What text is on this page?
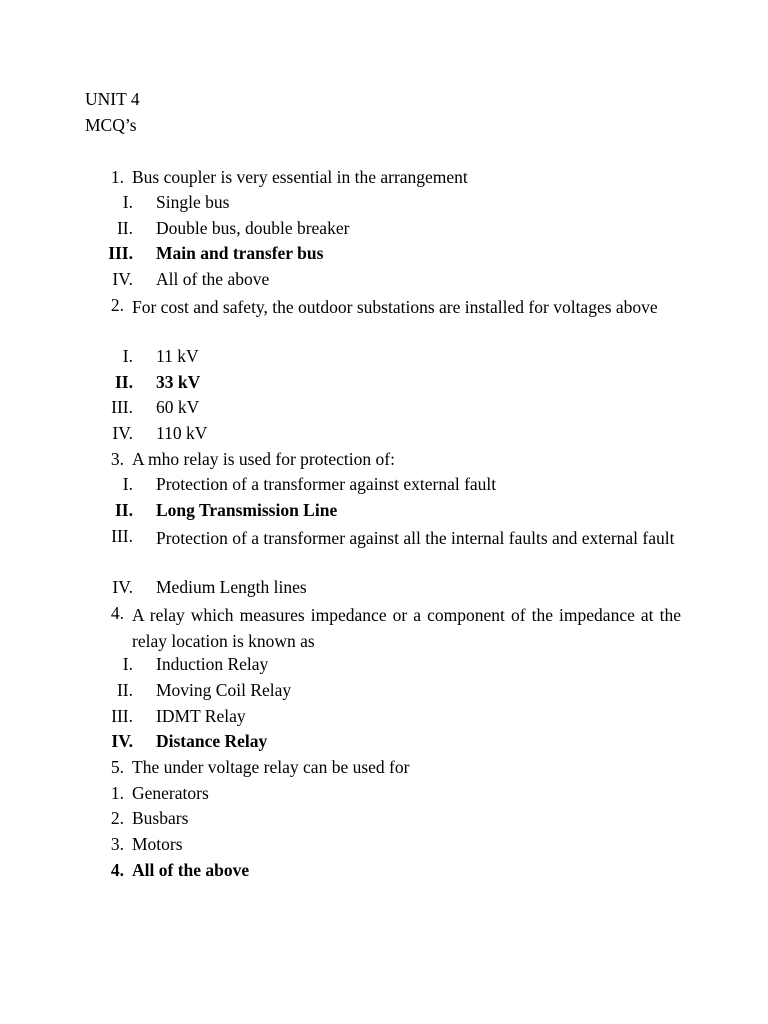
UNIT 4
MCQ’s
1. Bus coupler is very essential in the arrangement
I. Single bus
II. Double bus, double breaker
III. Main and transfer bus
IV. All of the above
2. For cost and safety, the outdoor substations are installed for voltages above
I. 11 kV
II. 33 kV
III. 60 kV
IV. 110 kV
3. A mho relay is used for protection of:
I. Protection of a transformer against external fault
II. Long Transmission Line
III. Protection of a transformer against all the internal faults and external fault
IV. Medium Length lines
4. A relay which measures impedance or a component of the impedance at the relay location is known as
I. Induction Relay
II. Moving Coil Relay
III. IDMT Relay
IV. Distance Relay
5. The under voltage relay can be used for
1. Generators
2. Busbars
3. Motors
4. All of the above
